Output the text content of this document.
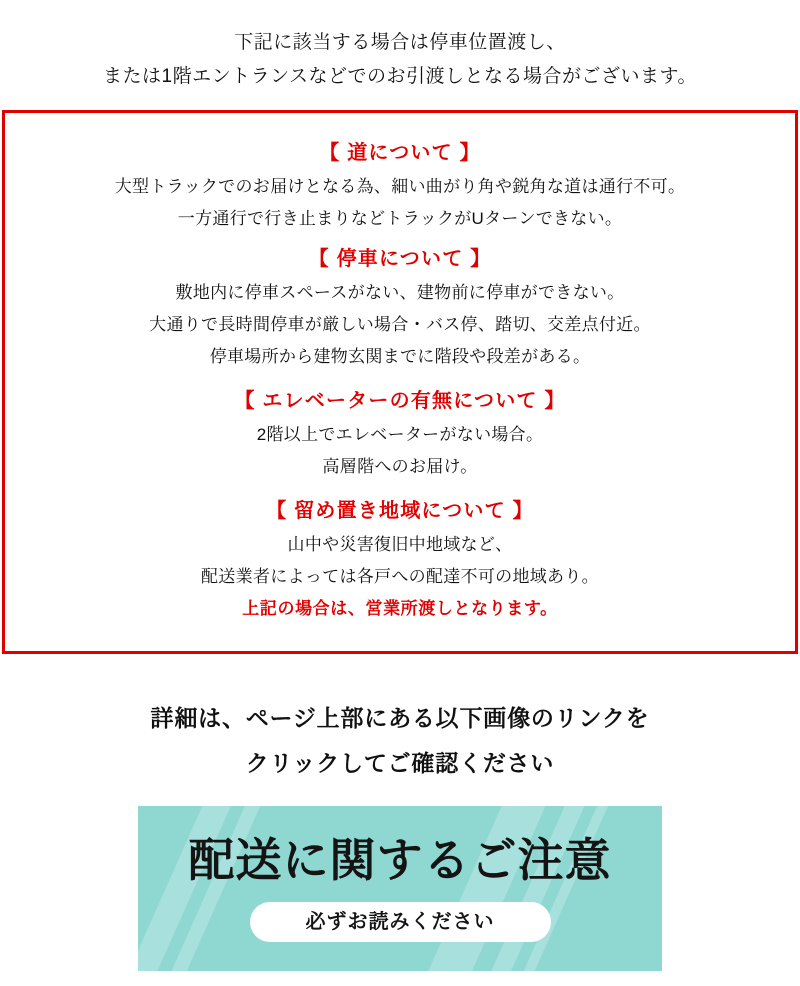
下記に該当する場合は停車位置渡し、
または1階エントランスなどでのお引渡しとなる場合がございます。
【 道について 】
大型トラックでのお届けとなる為、細い曲がり角や鋭角な道は通行不可。
一方通行で行き止まりなどトラックがUターンできない。
【 停車について 】
敷地内に停車スペースがない、建物前に停車ができない。
大通りで長時間停車が厳しい場合・バス停、踏切、交差点付近。
停車場所から建物玄関までに階段や段差がある。
【 エレベーターの有無について 】
2階以上でエレベーターがない場合。
高層階へのお届け。
【 留め置き地域について 】
山中や災害復旧中地域など、
配送業者によっては各戸への配達不可の地域あり。
上記の場合は、営業所渡しとなります。
詳細は、ページ上部にある以下画像のリンクを
クリックしてご確認ください
配送に関するご注意
必ずお読みください
